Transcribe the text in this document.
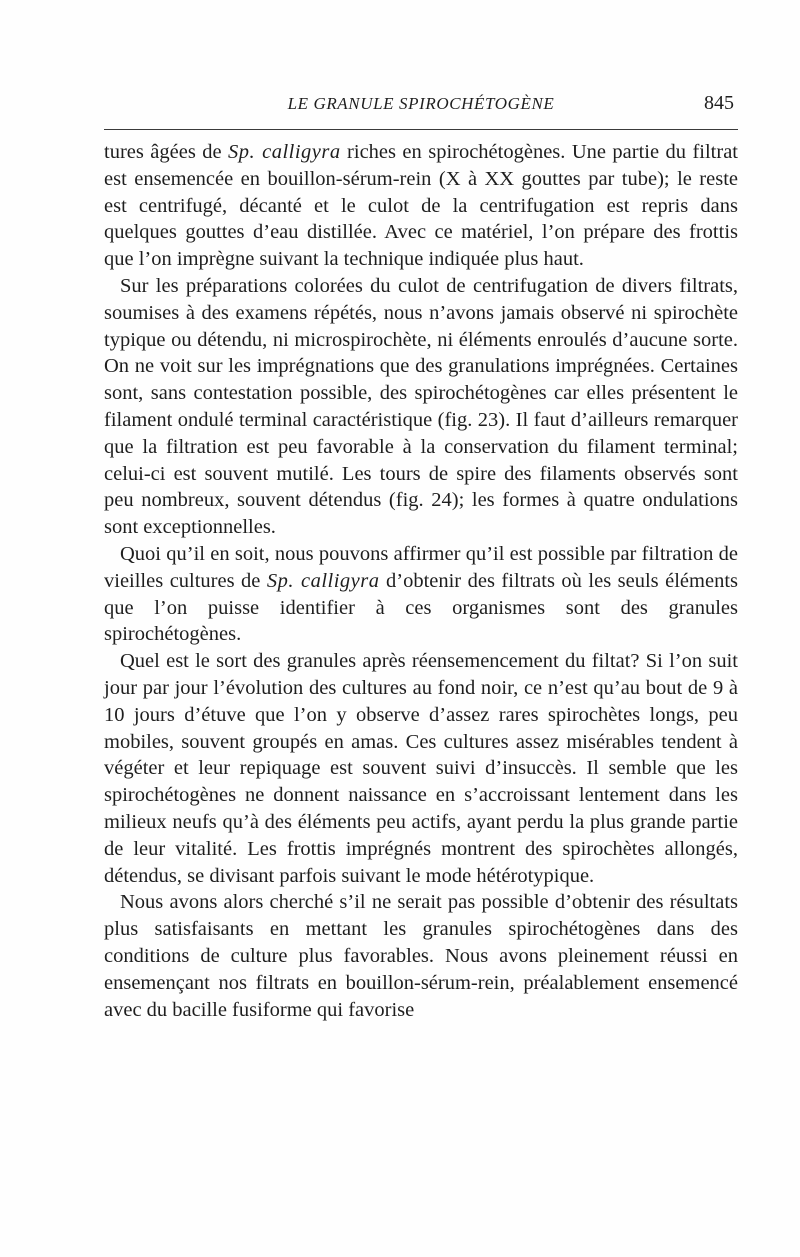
LE GRANULE SPIROCHÉTOGÈNE	845

tures âgées de Sp. calligyra riches en spirochétogènes. Une partie du filtrat est ensemencée en bouillon-sérum-rein (X à XX gouttes par tube); le reste est centrifugé, décanté et le culot de la centrifugation est repris dans quelques gouttes d’eau distillée. Avec ce matériel, l’on prépare des frottis que l’on imprègne suivant la technique indiquée plus haut.

Sur les préparations colorées du culot de centrifugation de divers filtrats, soumises à des examens répétés, nous n’avons jamais observé ni spirochète typique ou détendu, ni microspirochète, ni éléments enroulés d’aucune sorte. On ne voit sur les imprégnations que des granulations imprégnées. Certaines sont, sans contestation possible, des spirochétogènes car elles présentent le filament ondulé terminal caractéristique (fig. 23). Il faut d’ailleurs remarquer que la filtration est peu favorable à la conservation du filament terminal; celui-ci est souvent mutilé. Les tours de spire des filaments observés sont peu nombreux, souvent détendus (fig. 24); les formes à quatre ondulations sont exceptionnelles.

Quoi qu’il en soit, nous pouvons affirmer qu’il est possible par filtration de vieilles cultures de Sp. calligyra d’obtenir des filtrats où les seuls éléments que l’on puisse identifier à ces organismes sont des granules spirochétogènes.

Quel est le sort des granules après réensemencement du filtat? Si l’on suit jour par jour l’évolution des cultures au fond noir, ce n’est qu’au bout de 9 à 10 jours d’étuve que l’on y observe d’assez rares spirochètes longs, peu mobiles, souvent groupés en amas. Ces cultures assez misérables tendent à végéter et leur repiquage est souvent suivi d’insuccès. Il semble que les spirochétogènes ne donnent naissance en s’accroissant lentement dans les milieux neufs qu’à des éléments peu actifs, ayant perdu la plus grande partie de leur vitalité. Les frottis imprégnés montrent des spirochètes allongés, détendus, se divisant parfois suivant le mode hétérotypique.

Nous avons alors cherché s’il ne serait pas possible d’obtenir des résultats plus satisfaisants en mettant les granules spirochétogènes dans des conditions de culture plus favorables. Nous avons pleinement réussi en ensemençant nos filtrats en bouillon-sérum-rein, préalablement ensemencé avec du bacille fusiforme qui favorise
